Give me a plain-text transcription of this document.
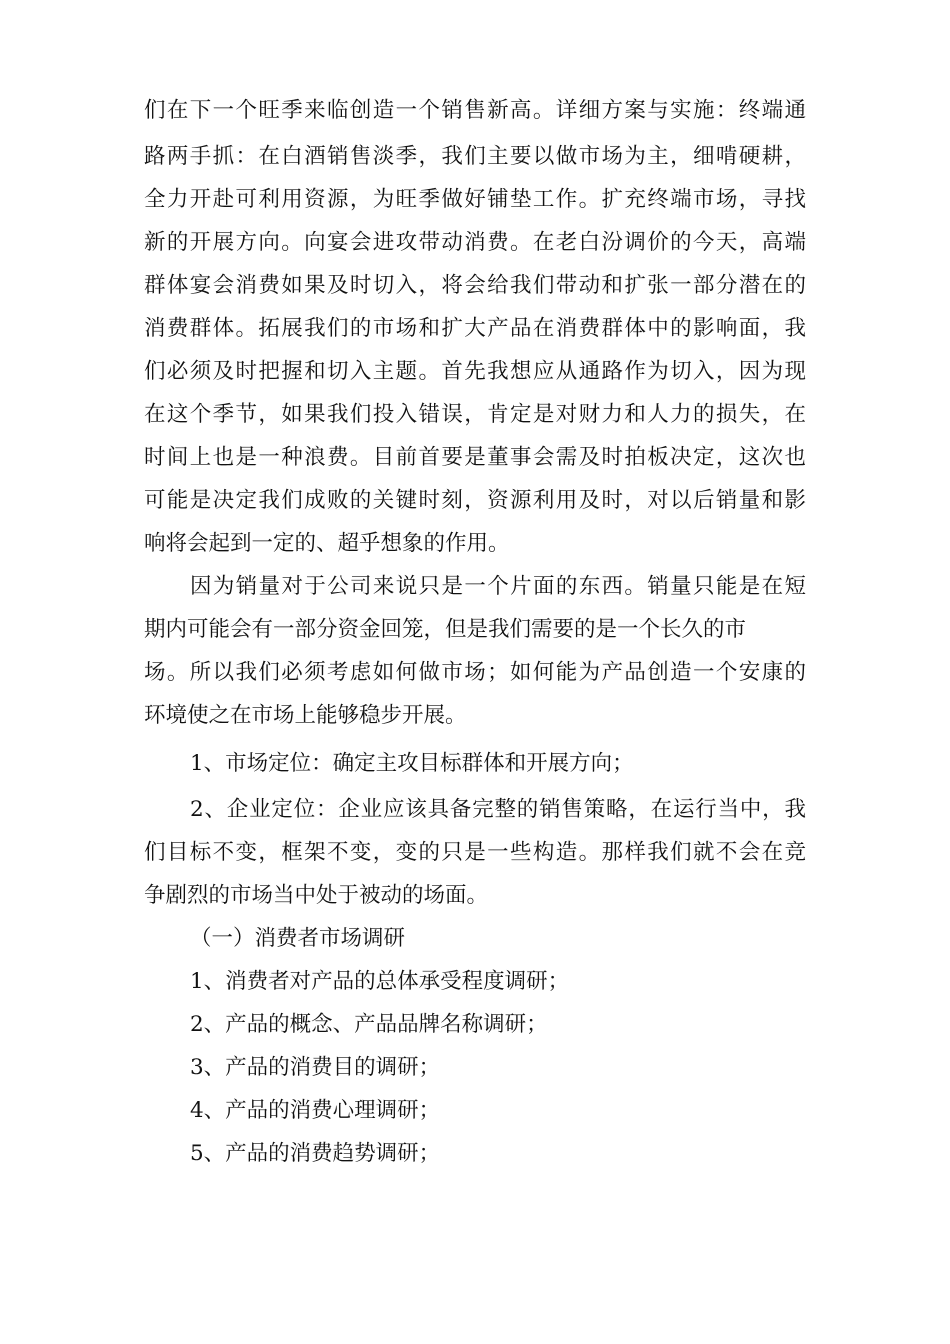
们在下一个旺季来临创造一个销售新高。详细方案与实施：终端通
路两手抓：在白酒销售淡季，我们主要以做市场为主，细啃硬耕，
全力开赴可利用资源，为旺季做好铺垫工作。扩充终端市场，寻找
新的开展方向。向宴会进攻带动消费。在老白汾调价的今天，高端
群体宴会消费如果及时切入，将会给我们带动和扩张一部分潜在的
消费群体。拓展我们的市场和扩大产品在消费群体中的影响面，我
们必须及时把握和切入主题。首先我想应从通路作为切入，因为现
在这个季节，如果我们投入错误，肯定是对财力和人力的损失，在
时间上也是一种浪费。目前首要是董事会需及时拍板决定，这次也
可能是决定我们成败的关键时刻，资源利用及时，对以后销量和影
响将会起到一定的、超乎想象的作用。
因为销量对于公司来说只是一个片面的东西。销量只能是在短
期内可能会有一部分资金回笼，但是我们需要的是一个长久的市
场。所以我们必须考虑如何做市场；如何能为产品创造一个安康的
环境使之在市场上能够稳步开展。
1、市场定位：确定主攻目标群体和开展方向；
2、企业定位：企业应该具备完整的销售策略，在运行当中，我
们目标不变，框架不变，变的只是一些构造。那样我们就不会在竞
争剧烈的市场当中处于被动的场面。
（一）消费者市场调研
1、消费者对产品的总体承受程度调研；
2、产品的概念、产品品牌名称调研；
3、产品的消费目的调研；
4、产品的消费心理调研；
5、产品的消费趋势调研；
